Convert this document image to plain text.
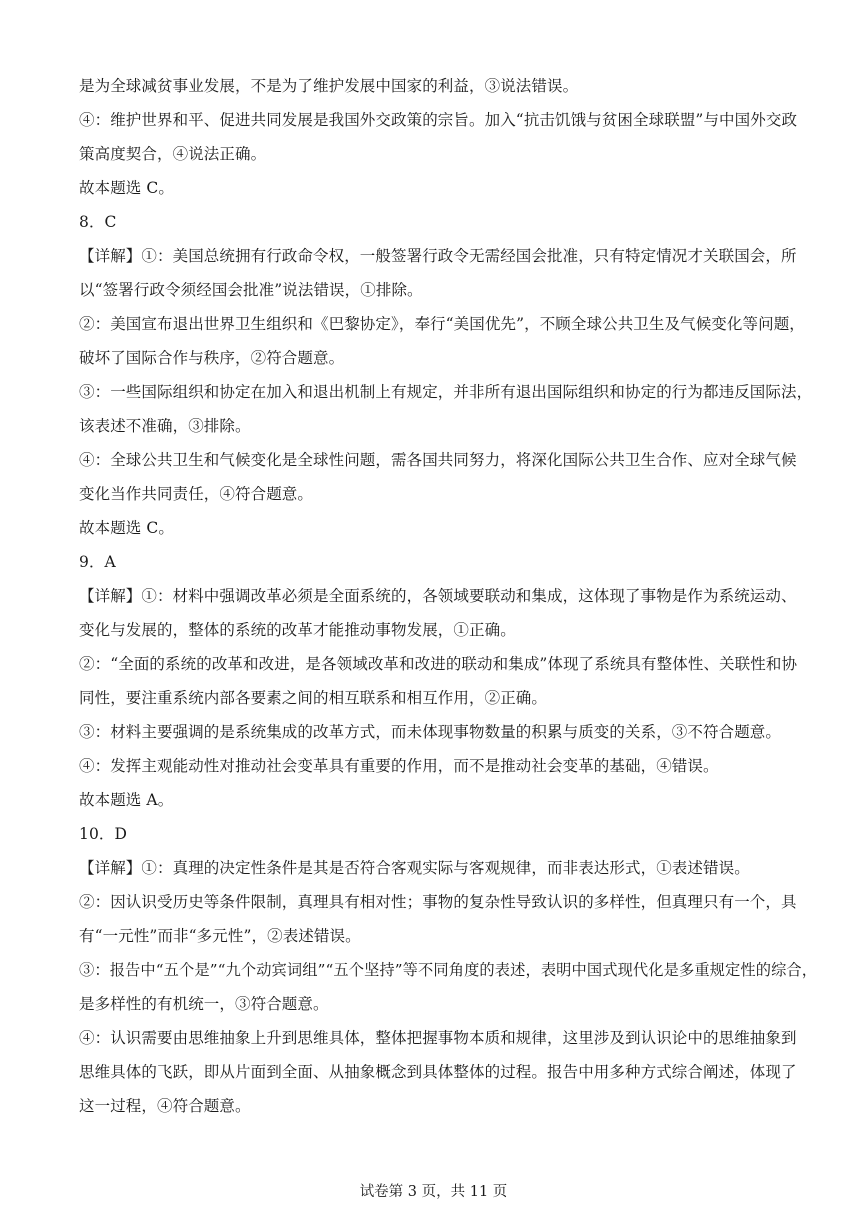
是为全球减贫事业发展，不是为了维护发展中国家的利益，③说法错误。
④：维护世界和平、促进共同发展是我国外交政策的宗旨。加入“抗击饥饿与贫困全球联盟”与中国外交政
策高度契合，④说法正确。
故本题选 C。
8．C
【详解】①：美国总统拥有行政命令权，一般签署行政令无需经国会批准，只有特定情况才关联国会，所
以“签署行政令须经国会批准”说法错误，①排除。
②：美国宣布退出世界卫生组织和《巴黎协定》，奉行“美国优先”，不顾全球公共卫生及气候变化等问题，
破坏了国际合作与秩序，②符合题意。
③：一些国际组织和协定在加入和退出机制上有规定，并非所有退出国际组织和协定的行为都违反国际法，
该表述不准确，③排除。
④：全球公共卫生和气候变化是全球性问题，需各国共同努力，将深化国际公共卫生合作、应对全球气候
变化当作共同责任，④符合题意。
故本题选 C。
9．A
【详解】①：材料中强调改革必须是全面系统的，各领域要联动和集成，这体现了事物是作为系统运动、
变化与发展的，整体的系统的改革才能推动事物发展，①正确。
②：“全面的系统的改革和改进，是各领域改革和改进的联动和集成”体现了系统具有整体性、关联性和协
同性，要注重系统内部各要素之间的相互联系和相互作用，②正确。
③：材料主要强调的是系统集成的改革方式，而未体现事物数量的积累与质变的关系，③不符合题意。
④：发挥主观能动性对推动社会变革具有重要的作用，而不是推动社会变革的基础，④错误。
故本题选 A。
10．D
【详解】①：真理的决定性条件是其是否符合客观实际与客观规律，而非表达形式，①表述错误。
②：因认识受历史等条件限制，真理具有相对性；事物的复杂性导致认识的多样性，但真理只有一个，具
有“一元性”而非“多元性”，②表述错误。
③：报告中“五个是”“九个动宾词组”“五个坚持”等不同角度的表述，表明中国式现代化是多重规定性的综合，
是多样性的有机统一，③符合题意。
④：认识需要由思维抽象上升到思维具体，整体把握事物本质和规律，这里涉及到认识论中的思维抽象到
思维具体的飞跃，即从片面到全面、从抽象概念到具体整体的过程。报告中用多种方式综合阐述，体现了
这一过程，④符合题意。
试卷第 3 页，共 11 页
